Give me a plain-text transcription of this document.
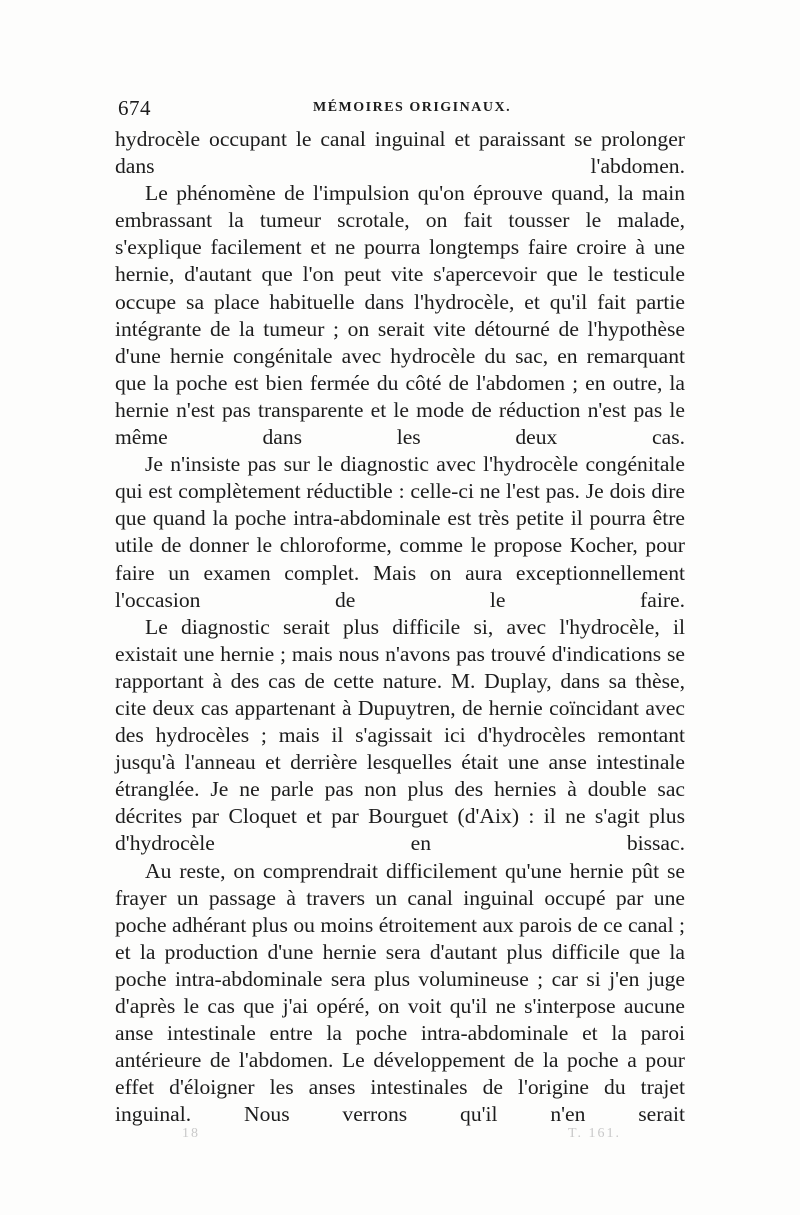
674	MÉMOIRES ORIGINAUX.

hydrocèle occupant le canal inguinal et paraissant se prolonger dans l'abdomen.

Le phénomène de l'impulsion qu'on éprouve quand, la main embrassant la tumeur scrotale, on fait tousser le malade, s'explique facilement et ne pourra longtemps faire croire à une hernie, d'autant que l'on peut vite s'apercevoir que le testicule occupe sa place habituelle dans l'hydrocèle, et qu'il fait partie intégrante de la tumeur ; on serait vite détourné de l'hypothèse d'une hernie congénitale avec hydrocèle du sac, en remarquant que la poche est bien fermée du côté de l'abdomen ; en outre, la hernie n'est pas transparente et le mode de réduction n'est pas le même dans les deux cas.

Je n'insiste pas sur le diagnostic avec l'hydrocèle congénitale qui est complètement réductible : celle-ci ne l'est pas. Je dois dire que quand la poche intra-abdominale est très petite il pourra être utile de donner le chloroforme, comme le propose Kocher, pour faire un examen complet. Mais on aura exceptionnellement l'occasion de le faire.

Le diagnostic serait plus difficile si, avec l'hydrocèle, il existait une hernie ; mais nous n'avons pas trouvé d'indications se rapportant à des cas de cette nature. M. Duplay, dans sa thèse, cite deux cas appartenant à Dupuytren, de hernie coïncidant avec des hydrocèles ; mais il s'agissait ici d'hydrocèles remontant jusqu'à l'anneau et derrière lesquelles était une anse intestinale étranglée. Je ne parle pas non plus des hernies à double sac décrites par Cloquet et par Bourguet (d'Aix) : il ne s'agit plus d'hydrocèle en bissac.

Au reste, on comprendrait difficilement qu'une hernie pût se frayer un passage à travers un canal inguinal occupé par une poche adhérant plus ou moins étroitement aux parois de ce canal ; et la production d'une hernie sera d'autant plus difficile que la poche intra-abdominale sera plus volumineuse ; car si j'en juge d'après le cas que j'ai opéré, on voit qu'il ne s'interpose aucune anse intestinale entre la poche intra-abdominale et la paroi antérieure de l'abdomen. Le développement de la poche a pour effet d'éloigner les anses intestinales de l'origine du trajet inguinal. Nous verrons qu'il n'en serait

18	T. 161.
